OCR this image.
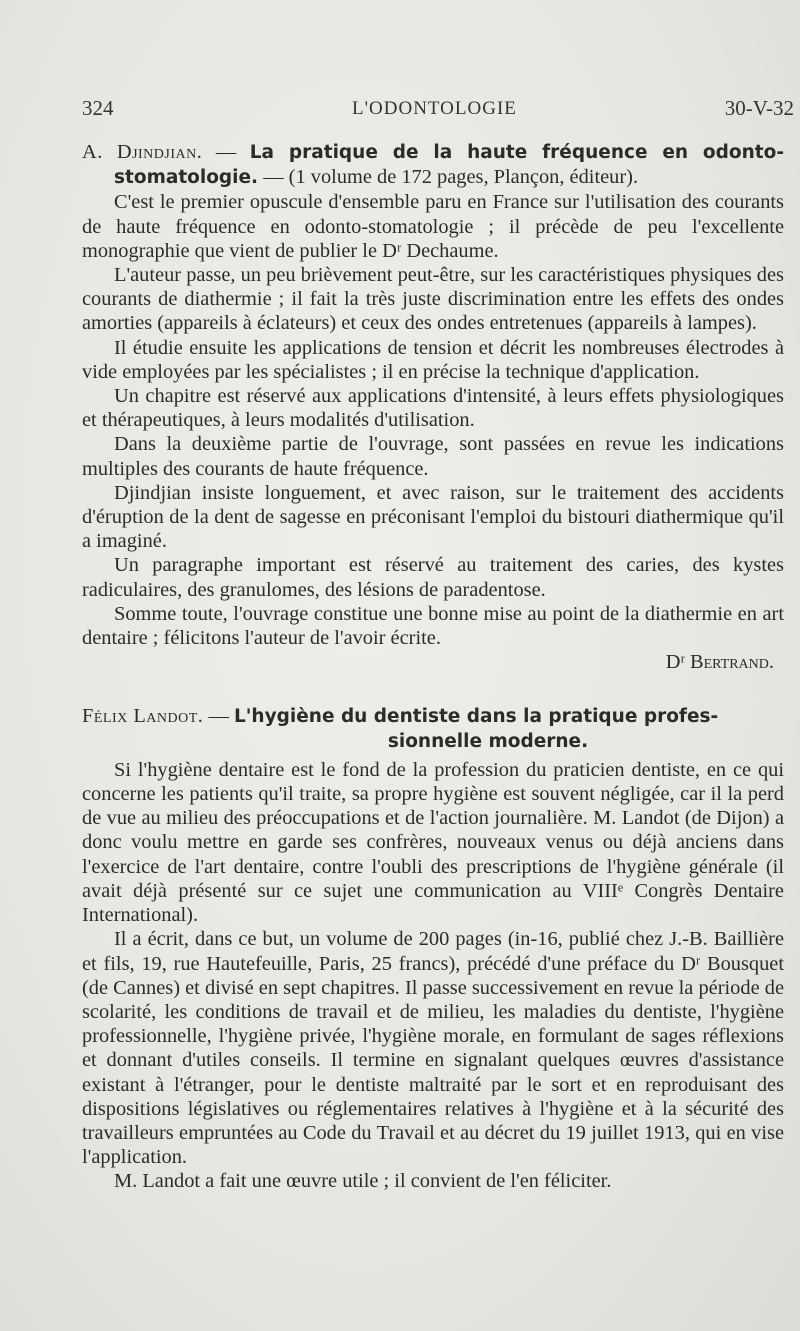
324	L'ODONTOLOGIE	30-V-32

A. Djindjian. — La pratique de la haute fréquence en odonto-stomatologie. — (1 volume de 172 pages, Plançon, éditeur).

C'est le premier opuscule d'ensemble paru en France sur l'utilisation des courants de haute fréquence en odonto-stomatologie ; il précède de peu l'excellente monographie que vient de publier le Dʳ Dechaume.

L'auteur passe, un peu brièvement peut-être, sur les caractéristiques physiques des courants de diathermie ; il fait la très juste discrimination entre les effets des ondes amorties (appareils à éclateurs) et ceux des ondes entretenues (appareils à lampes).

Il étudie ensuite les applications de tension et décrit les nombreuses électrodes à vide employées par les spécialistes ; il en précise la technique d'application.

Un chapitre est réservé aux applications d'intensité, à leurs effets physiologiques et thérapeutiques, à leurs modalités d'utilisation.

Dans la deuxième partie de l'ouvrage, sont passées en revue les indications multiples des courants de haute fréquence.

Djindjian insiste longuement, et avec raison, sur le traitement des accidents d'éruption de la dent de sagesse en préconisant l'emploi du bistouri diathermique qu'il a imaginé.

Un paragraphe important est réservé au traitement des caries, des kystes radiculaires, des granulomes, des lésions de paradentose.

Somme toute, l'ouvrage constitue une bonne mise au point de la diathermie en art dentaire ; félicitons l'auteur de l'avoir écrite.

Dʳ Bertrand.

Félix Landot. — L'hygiène du dentiste dans la pratique profes-
sionnelle moderne.

Si l'hygiène dentaire est le fond de la profession du praticien dentiste, en ce qui concerne les patients qu'il traite, sa propre hygiène est souvent négligée, car il la perd de vue au milieu des préoccupations et de l'action journalière. M. Landot (de Dijon) a donc voulu mettre en garde ses confrères, nouveaux venus ou déjà anciens dans l'exercice de l'art dentaire, contre l'oubli des prescriptions de l'hygiène générale (il avait déjà présenté sur ce sujet une communication au VIIIᵉ Congrès Dentaire International).

Il a écrit, dans ce but, un volume de 200 pages (in-16, publié chez J.-B. Baillière et fils, 19, rue Hautefeuille, Paris, 25 francs), précédé d'une préface du Dʳ Bousquet (de Cannes) et divisé en sept chapitres. Il passe successivement en revue la période de scolarité, les conditions de travail et de milieu, les maladies du dentiste, l'hygiène professionnelle, l'hygiène privée, l'hygiène morale, en formulant de sages réflexions et donnant d'utiles conseils. Il termine en signalant quelques œuvres d'assistance existant à l'étranger, pour le dentiste maltraité par le sort et en reproduisant des dispositions législatives ou réglementaires relatives à l'hygiène et à la sécurité des travailleurs empruntées au Code du Travail et au décret du 19 juillet 1913, qui en vise l'application.

M. Landot a fait une œuvre utile ; il convient de l'en féliciter.
